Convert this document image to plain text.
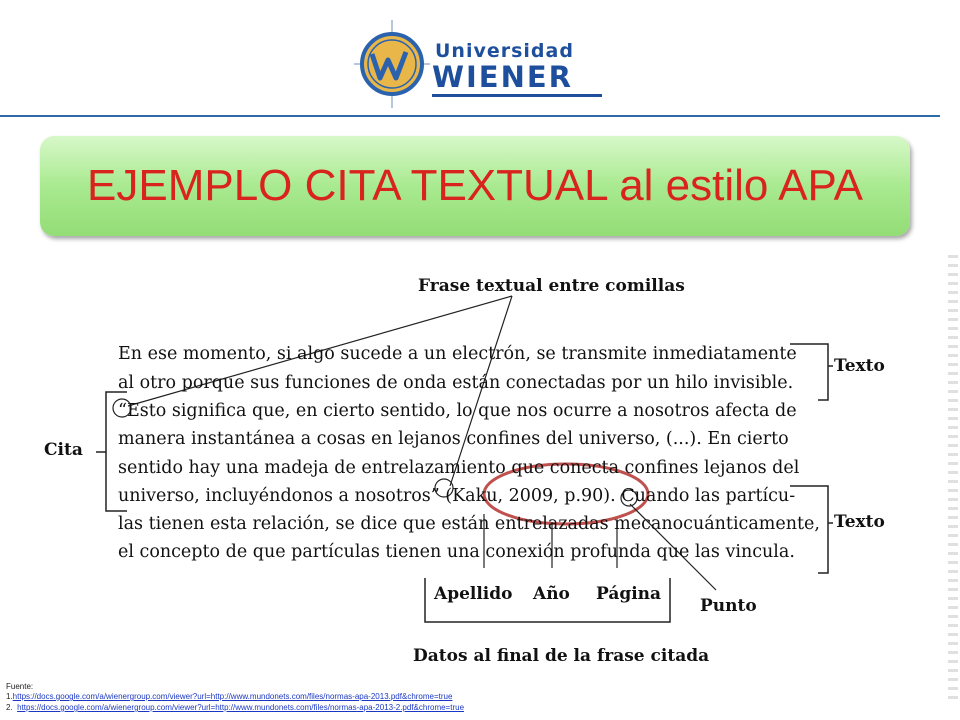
Universidad
WIENER
EJEMPLO CITA TEXTUAL al estilo APA
Frase textual entre comillas
En ese momento, si algo sucede a un electrón, se transmite inmediatamente
al otro porque sus funciones de onda están conectadas por un hilo invisible.
“Esto significa que, en cierto sentido, lo que nos ocurre a nosotros afecta de
manera instantánea a cosas en lejanos confines del universo, (...). En cierto
sentido hay una madeja de entrelazamiento que conecta confines lejanos del
universo, incluyéndonos a nosotros” (Kaku, 2009, p.90). Cuando las partícu-
las tienen esta relación, se dice que están entrelazadas mecanocuánticamente,
el concepto de que partículas tienen una conexión profunda que las vincula.
Cita
Texto
Texto
Apellido Año Página
Punto
Datos al final de la frase citada
Fuente:
1.https://docs.google.com/a/wienergroup.com/viewer?url=http://www.mundonets.com/files/normas-apa-2013.pdf&chrome=true
2. https://docs.google.com/a/wienergroup.com/viewer?url=http://www.mundonets.com/files/normas-apa-2013-2.pdf&chrome=true
